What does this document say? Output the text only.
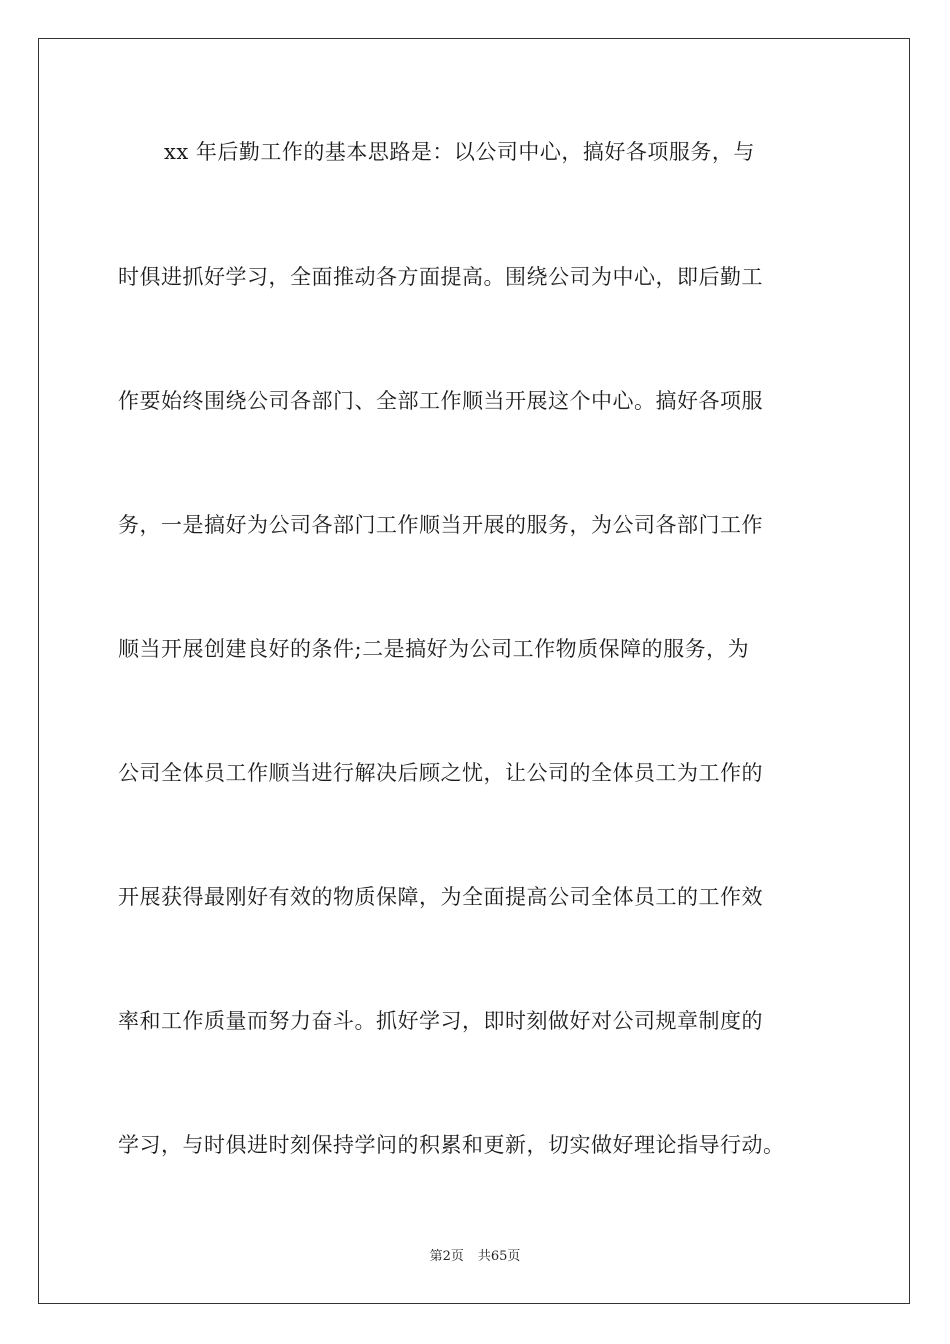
xx 年后勤工作的基本思路是：以公司中心，搞好各项服务，与
时俱进抓好学习，全面推动各方面提高。围绕公司为中心，即后勤工
作要始终围绕公司各部门、全部工作顺当开展这个中心。搞好各项服
务，一是搞好为公司各部门工作顺当开展的服务，为公司各部门工作
顺当开展创建良好的条件;二是搞好为公司工作物质保障的服务，为
公司全体员工作顺当进行解决后顾之忧，让公司的全体员工为工作的
开展获得最刚好有效的物质保障，为全面提高公司全体员工的工作效
率和工作质量而努力奋斗。抓好学习，即时刻做好对公司规章制度的
学习，与时俱进时刻保持学问的积累和更新，切实做好理论指导行动。
第2页 共65页
